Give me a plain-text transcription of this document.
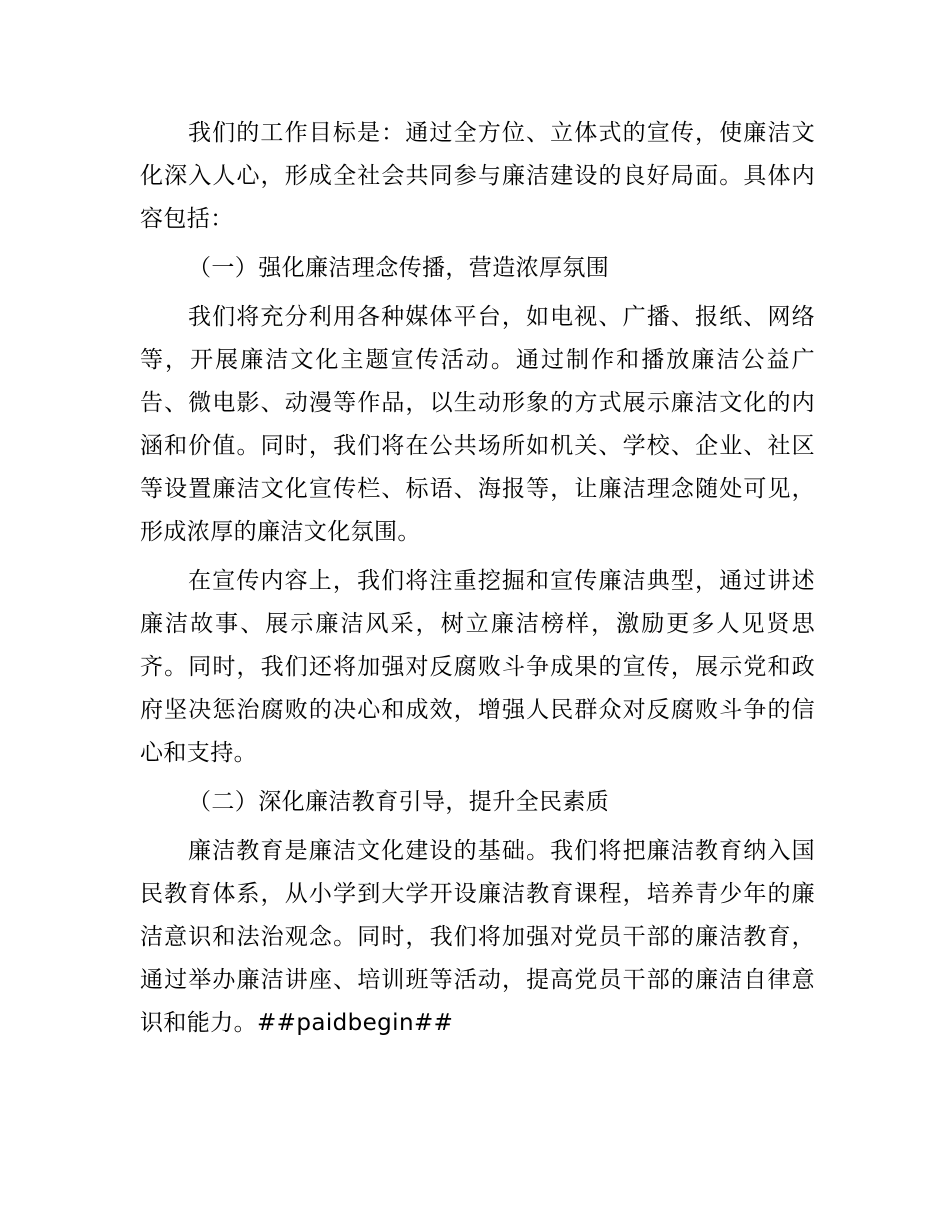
我们的工作目标是：通过全方位、立体式的宣传，使廉洁文化深入人心，形成全社会共同参与廉洁建设的良好局面。具体内容包括：

（一）强化廉洁理念传播，营造浓厚氛围

我们将充分利用各种媒体平台，如电视、广播、报纸、网络等，开展廉洁文化主题宣传活动。通过制作和播放廉洁公益广告、微电影、动漫等作品，以生动形象的方式展示廉洁文化的内涵和价值。同时，我们将在公共场所如机关、学校、企业、社区等设置廉洁文化宣传栏、标语、海报等，让廉洁理念随处可见，形成浓厚的廉洁文化氛围。

在宣传内容上，我们将注重挖掘和宣传廉洁典型，通过讲述廉洁故事、展示廉洁风采，树立廉洁榜样，激励更多人见贤思齐。同时，我们还将加强对反腐败斗争成果的宣传，展示党和政府坚决惩治腐败的决心和成效，增强人民群众对反腐败斗争的信心和支持。

（二）深化廉洁教育引导，提升全民素质

廉洁教育是廉洁文化建设的基础。我们将把廉洁教育纳入国民教育体系，从小学到大学开设廉洁教育课程，培养青少年的廉洁意识和法治观念。同时，我们将加强对党员干部的廉洁教育，通过举办廉洁讲座、培训班等活动，提高党员干部的廉洁自律意识和能力。##paidbegin##
